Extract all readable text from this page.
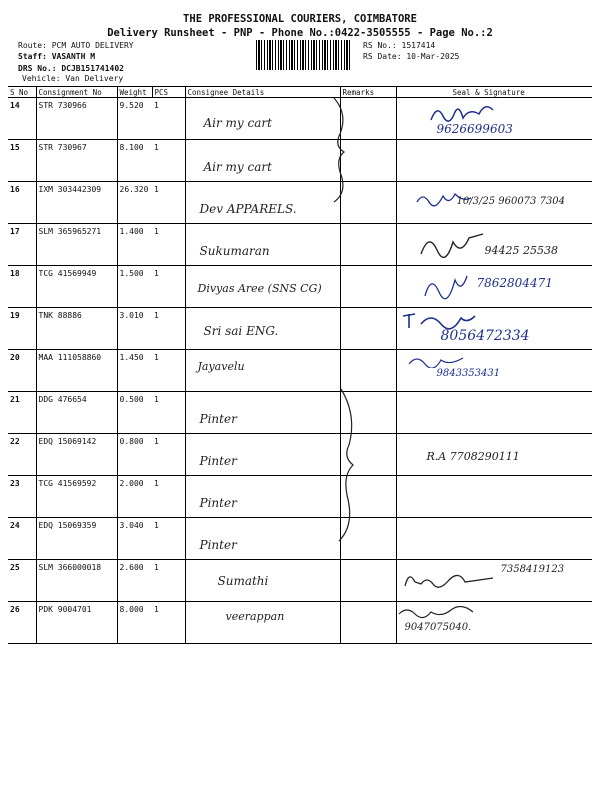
THE PROFESSIONAL COURIERS, COIMBATORE
Delivery Runsheet - PNP - Phone No.:0422-3505555 - Page No.:2
Route: PCM AUTO DELIVERY
Staff: VASANTH M
DRS No.: DCJB151741402
Vehicle: Van Delivery
RS No.: 1517414
RS Date: 10-Mar-2025
S No	Consignment No	Weight	PCS	Consignee Details	Remarks	Seal & Signature
14	STR 730966	9.520	1	Air my cart		9626699603

15	STR 730967	8.100	1	Air my cart		

16	IXM 303442309	26.320	1	Dev APPARELS.		10/3/25 960073 7304

17	SLM 365965271	1.400	1	Sukumaran		94425 25538

18	TCG 41569949	1.500	1	Divyas Aree (SNS CG)		7862804471

19	TNK 88886	3.010	1	Sri sai ENG.		8056472334

20	MAA 111058860	1.450	1	Jayavelu		9843353431

21	DDG 476654	0.500	1	Pinter		

22	EDQ 15069142	0.800	1	Pinter		R.A 7708290111

23	TCG 41569592	2.000	1	Pinter		

24	EDQ 15069359	3.040	1	Pinter		

25	SLM 366000018	2.600	1	Sumathi		7358419123

26	PDK 9004701	8.000	1	veerappan		9047075040.
